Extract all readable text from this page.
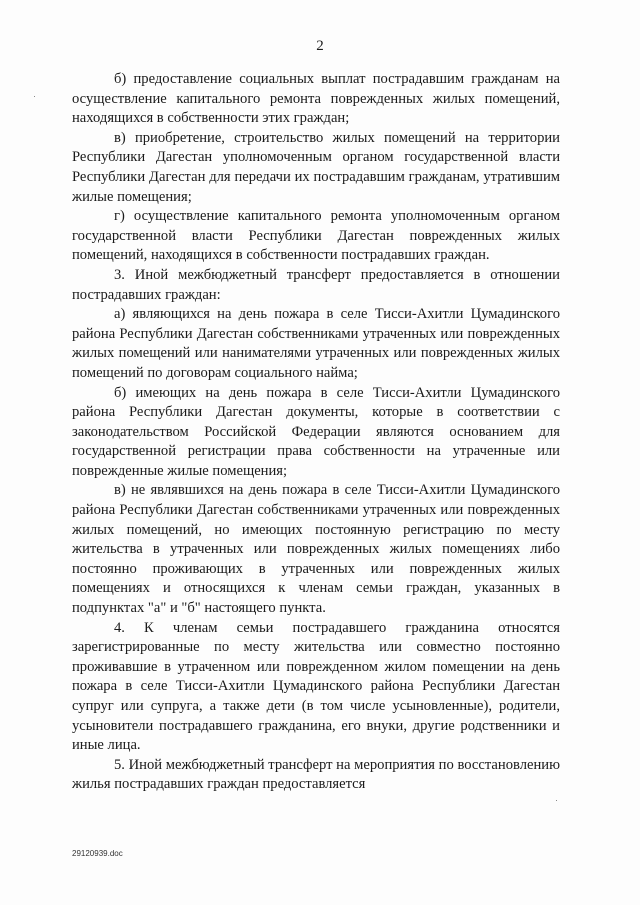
2

б) предоставление социальных выплат пострадавшим гражданам на осуществление капитального ремонта поврежденных жилых помещений, находящихся в собственности этих граждан;

в) приобретение, строительство жилых помещений на территории Республики Дагестан уполномоченным органом государственной власти Республики Дагестан для передачи их пострадавшим гражданам, утратившим жилые помещения;

г) осуществление капитального ремонта уполномоченным органом государственной власти Республики Дагестан поврежденных жилых помещений, находящихся в собственности пострадавших граждан.

3. Иной межбюджетный трансферт предоставляется в отношении пострадавших граждан:

а) являющихся на день пожара в селе Тисси-Ахитли Цумадинского района Республики Дагестан собственниками утраченных или поврежденных жилых помещений или нанимателями утраченных или поврежденных жилых помещений по договорам социального найма;

б) имеющих на день пожара в селе Тисси-Ахитли Цумадинского района Республики Дагестан документы, которые в соответствии с законодательством Российской Федерации являются основанием для государственной регистрации права собственности на утраченные или поврежденные жилые помещения;

в) не являвшихся на день пожара в селе Тисси-Ахитли Цумадинского района Республики Дагестан собственниками утраченных или поврежденных жилых помещений, но имеющих постоянную регистрацию по месту жительства в утраченных или поврежденных жилых помещениях либо постоянно проживающих в утраченных или поврежденных жилых помещениях и относящихся к членам семьи граждан, указанных в подпунктах "а" и "б" настоящего пункта.

4. К членам семьи пострадавшего гражданина относятся зарегистрированные по месту жительства или совместно постоянно проживавшие в утраченном или поврежденном жилом помещении на день пожара в селе Тисси-Ахитли Цумадинского района Республики Дагестан супруг или супруга, а также дети (в том числе усыновленные), родители, усыновители пострадавшего гражданина, его внуки, другие родственники и иные лица.

5. Иной межбюджетный трансферт на мероприятия по восстановлению жилья пострадавших граждан предоставляется

29120939.doc
